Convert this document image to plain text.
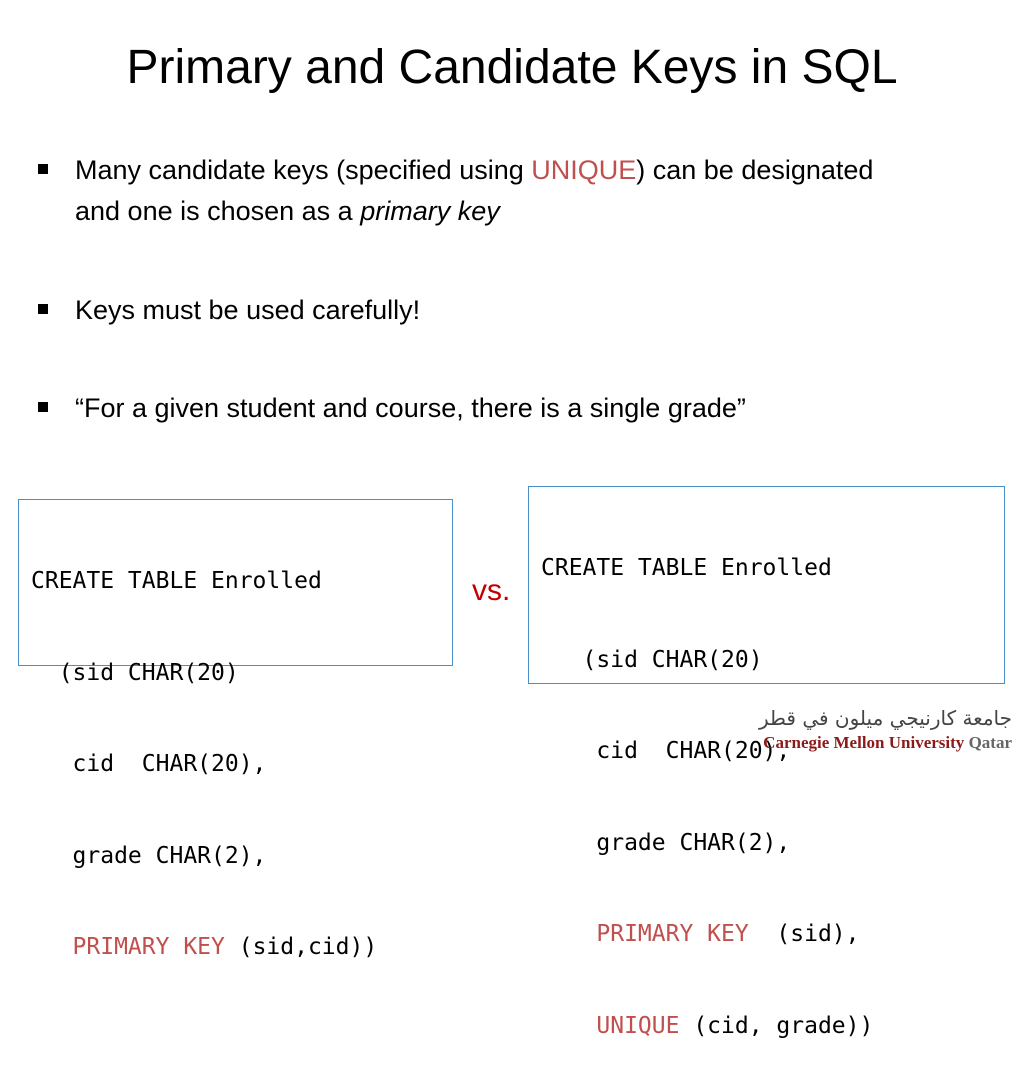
Primary and Candidate Keys in SQL
Many candidate keys (specified using UNIQUE) can be designated
and one is chosen as a primary key
Keys must be used carefully!
“For a given student and course, there is a single grade”

CREATE TABLE Enrolled

(sid CHAR(20)

cid  CHAR(20),

grade CHAR(2),

PRIMARY KEY (sid,cid))

vs.

CREATE TABLE Enrolled

(sid CHAR(20)

cid  CHAR(20),

grade CHAR(2),

PRIMARY KEY  (sid),

UNIQUE (cid, grade))

جامعة كارنيجي ميلون في قطر
Carnegie Mellon University Qatar
